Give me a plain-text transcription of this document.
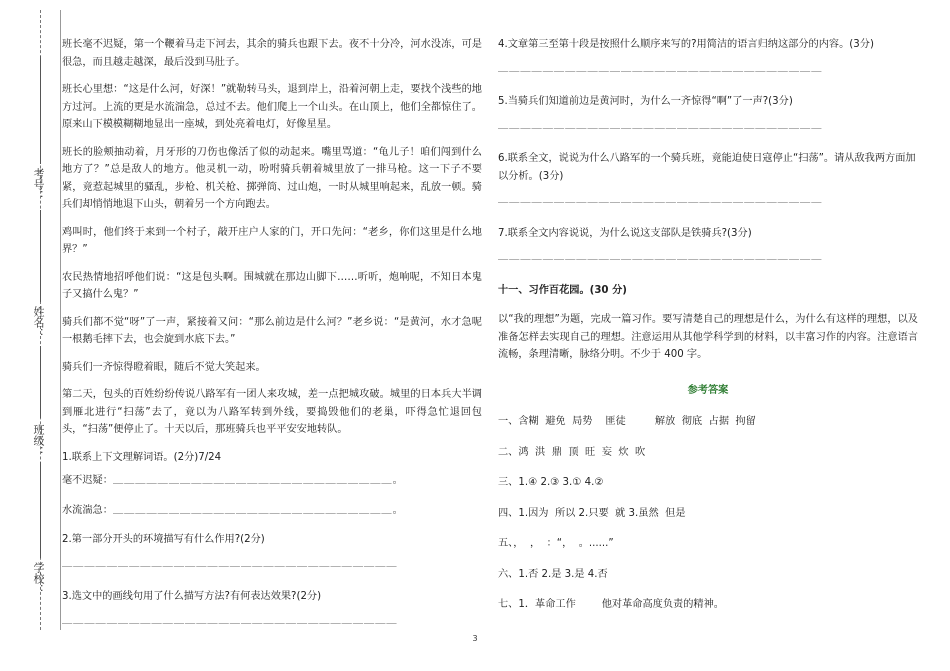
考号：
姓名：
班级：
学校：

班长毫不迟疑，第一个鞭着马走下河去，其余的骑兵也跟下去。夜不十分冷，河水没冻，可是很急，而且越走越深，最后没到马肚子。

班长心里想：“这是什么河，好深！”就勒转马头，退到岸上，沿着河朝上走，要找个浅些的地方过河。上流的更是水流湍急，总过不去。他们爬上一个山头。在山顶上，他们全都惊住了。原来山下模模糊糊地显出一座城，到处亮着电灯，好像星星。

班长的脸颊抽动着，月牙形的刀伤也像活了似的动起来。嘴里骂道：“龟儿子！咱们闯到什么地方了？”总是敌人的地方。他灵机一动，吩咐骑兵朝着城里放了一排马枪。这一下子不要紧，竟惹起城里的骚乱，步枪、机关枪、掷弹筒、过山炮，一时从城里响起来，乱放一顿。骑兵们却悄悄地退下山头，朝着另一个方向跑去。

鸡叫时，他们终于来到一个村子，敲开庄户人家的门，开口先问：“老乡，你们这里是什么地界？”

农民热情地招呼他们说：“这是包头啊。围城就在那边山脚下……听听，炮响呢，不知日本鬼子又搞什么鬼？”

骑兵们都不觉“呀”了一声，紧接着又问：“那么前边是什么河？”老乡说：“是黄河，水才急呢一根鹅毛摔下去，也会旋到水底下去。”

骑兵们一齐惊得瞪着眼，随后不觉大笑起来。

第二天，包头的百姓纷纷传说八路军有一团人来攻城，差一点把城攻破。城里的日本兵大半调到雁北进行“扫荡”去了，竟以为八路军转到外线，要捣毁他们的老巢，吓得急忙退回包头，“扫荡”便停止了。十天以后，那班骑兵也平平安安地转队。

1.联系上下文理解词语。(2分)7/24
毫不迟疑：＿＿＿＿＿＿＿＿＿＿＿＿＿＿＿＿＿＿＿＿＿＿＿＿＿。
水流湍急：＿＿＿＿＿＿＿＿＿＿＿＿＿＿＿＿＿＿＿＿＿＿＿＿＿。
2.第一部分开头的环境描写有什么作用?(2分)
＿＿＿＿＿＿＿＿＿＿＿＿＿＿＿＿＿＿＿＿＿＿＿＿＿＿＿＿＿＿
3.选文中的画线句用了什么描写方法?有何表达效果?(2分)
＿＿＿＿＿＿＿＿＿＿＿＿＿＿＿＿＿＿＿＿＿＿＿＿＿＿＿＿＿＿
4.文章第三至第十段是按照什么顺序来写的?用简洁的语言归纳这部分的内容。(3分)
＿＿＿＿＿＿＿＿＿＿＿＿＿＿＿＿＿＿＿＿＿＿＿＿＿＿＿＿＿
5.当骑兵们知道前边是黄河时，为什么一齐惊得“啊”了一声?(3分)
＿＿＿＿＿＿＿＿＿＿＿＿＿＿＿＿＿＿＿＿＿＿＿＿＿＿＿＿＿
6.联系全文，说说为什么八路军的一个骑兵班，竟能迫使日寇停止“扫荡”。请从敌我两方面加以分析。(3分)
＿＿＿＿＿＿＿＿＿＿＿＿＿＿＿＿＿＿＿＿＿＿＿＿＿＿＿＿＿
7.联系全文内容说说，为什么说这支部队是铁骑兵?(3分)
＿＿＿＿＿＿＿＿＿＿＿＿＿＿＿＿＿＿＿＿＿＿＿＿＿＿＿＿＿
十一、习作百花园。(30 分)

以“我的理想”为题，完成一篇习作。要写清楚自己的理想是什么，为什么有这样的理想，以及准备怎样去实现自己的理想。注意运用从其他学科学到的材料，以丰富习作的内容。注意语言流畅，条理清晰，脉络分明。不少于 400 字。

参考答案
一、含糊  避免  局势    匪徒         解放  彻底  占据  拘留
二、鸿  洪  鼎  顶  旺  妄  炊  吹
三、1.④ 2.③ 3.① 4.②
四、1.因为  所以 2.只要  就 3.虽然  但是
五、，  ，  ：“，  。......”
六、1.否 2.是 3.是 4.否
七、1．革命工作        他对革命高度负责的精神。
3
